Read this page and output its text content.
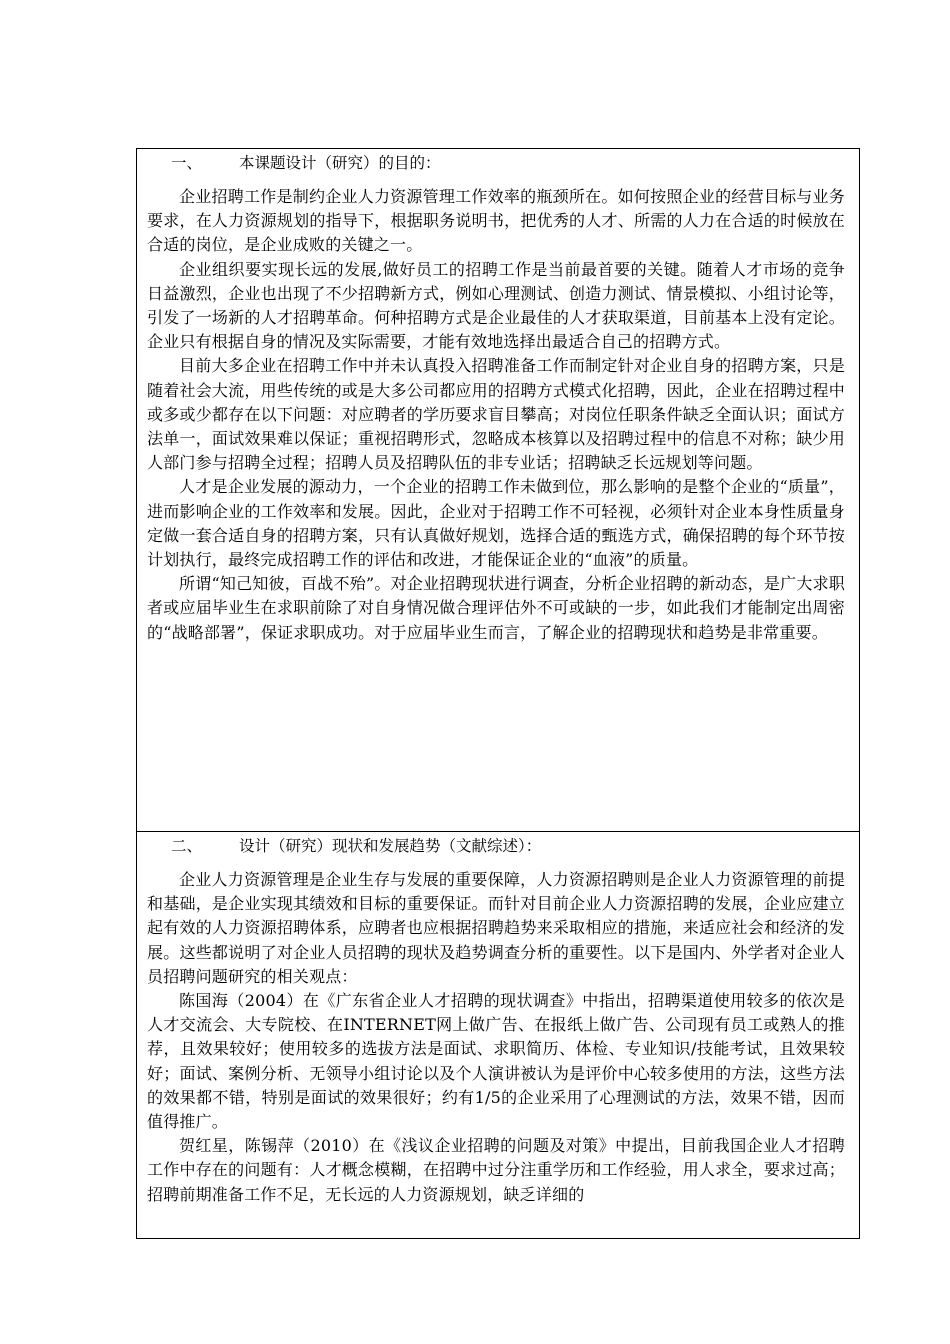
一、 本课题设计（研究）的目的：

企业招聘工作是制约企业人力资源管理工作效率的瓶颈所在。如何按照企业的经营目标与业务要求，在人力资源规划的指导下，根据职务说明书，把优秀的人才、所需的人力在合适的时候放在合适的岗位，是企业成败的关键之一。

企业组织要实现长远的发展,做好员工的招聘工作是当前最首要的关键。随着人才市场的竞争日益激烈，企业也出现了不少招聘新方式，例如心理测试、创造力测试、情景模拟、小组讨论等，引发了一场新的人才招聘革命。何种招聘方式是企业最佳的人才获取渠道，目前基本上没有定论。企业只有根据自身的情况及实际需要，才能有效地选择出最适合自己的招聘方式。

目前大多企业在招聘工作中并未认真投入招聘准备工作而制定针对企业自身的招聘方案，只是随着社会大流，用些传统的或是大多公司都应用的招聘方式模式化招聘，因此，企业在招聘过程中或多或少都存在以下问题：对应聘者的学历要求盲目攀高；对岗位任职条件缺乏全面认识；面试方法单一，面试效果难以保证；重视招聘形式，忽略成本核算以及招聘过程中的信息不对称；缺少用人部门参与招聘全过程；招聘人员及招聘队伍的非专业话；招聘缺乏长远规划等问题。

人才是企业发展的源动力，一个企业的招聘工作未做到位，那么影响的是整个企业的“质量”，进而影响企业的工作效率和发展。因此，企业对于招聘工作不可轻视，必须针对企业本身性质量身定做一套合适自身的招聘方案，只有认真做好规划，选择合适的甄选方式，确保招聘的每个环节按计划执行，最终完成招聘工作的评估和改进，才能保证企业的“血液”的质量。

所谓“知己知彼，百战不殆”。对企业招聘现状进行调查，分析企业招聘的新动态，是广大求职者或应届毕业生在求职前除了对自身情况做合理评估外不可或缺的一步，如此我们才能制定出周密的“战略部署”，保证求职成功。对于应届毕业生而言，了解企业的招聘现状和趋势是非常重要。

二、 设计（研究）现状和发展趋势（文献综述）：

企业人力资源管理是企业生存与发展的重要保障，人力资源招聘则是企业人力资源管理的前提和基础，是企业实现其绩效和目标的重要保证。而针对目前企业人力资源招聘的发展，企业应建立起有效的人力资源招聘体系，应聘者也应根据招聘趋势来采取相应的措施，来适应社会和经济的发展。这些都说明了对企业人员招聘的现状及趋势调查分析的重要性。以下是国内、外学者对企业人员招聘问题研究的相关观点：

陈国海（2004）在《广东省企业人才招聘的现状调查》中指出，招聘渠道使用较多的依次是人才交流会、大专院校、在INTERNET网上做广告、在报纸上做广告、公司现有员工或熟人的推荐，且效果较好；使用较多的选拔方法是面试、求职简历、体检、专业知识/技能考试，且效果较好；面试、案例分析、无领导小组讨论以及个人演讲被认为是评价中心较多使用的方法，这些方法的效果都不错，特别是面试的效果很好；约有1/5的企业采用了心理测试的方法，效果不错，因而值得推广。

贺红星，陈锡萍（2010）在《浅议企业招聘的问题及对策》中提出，目前我国企业人才招聘工作中存在的问题有：人才概念模糊，在招聘中过分注重学历和工作经验，用人求全，要求过高；招聘前期准备工作不足，无长远的人力资源规划，缺乏详细的
